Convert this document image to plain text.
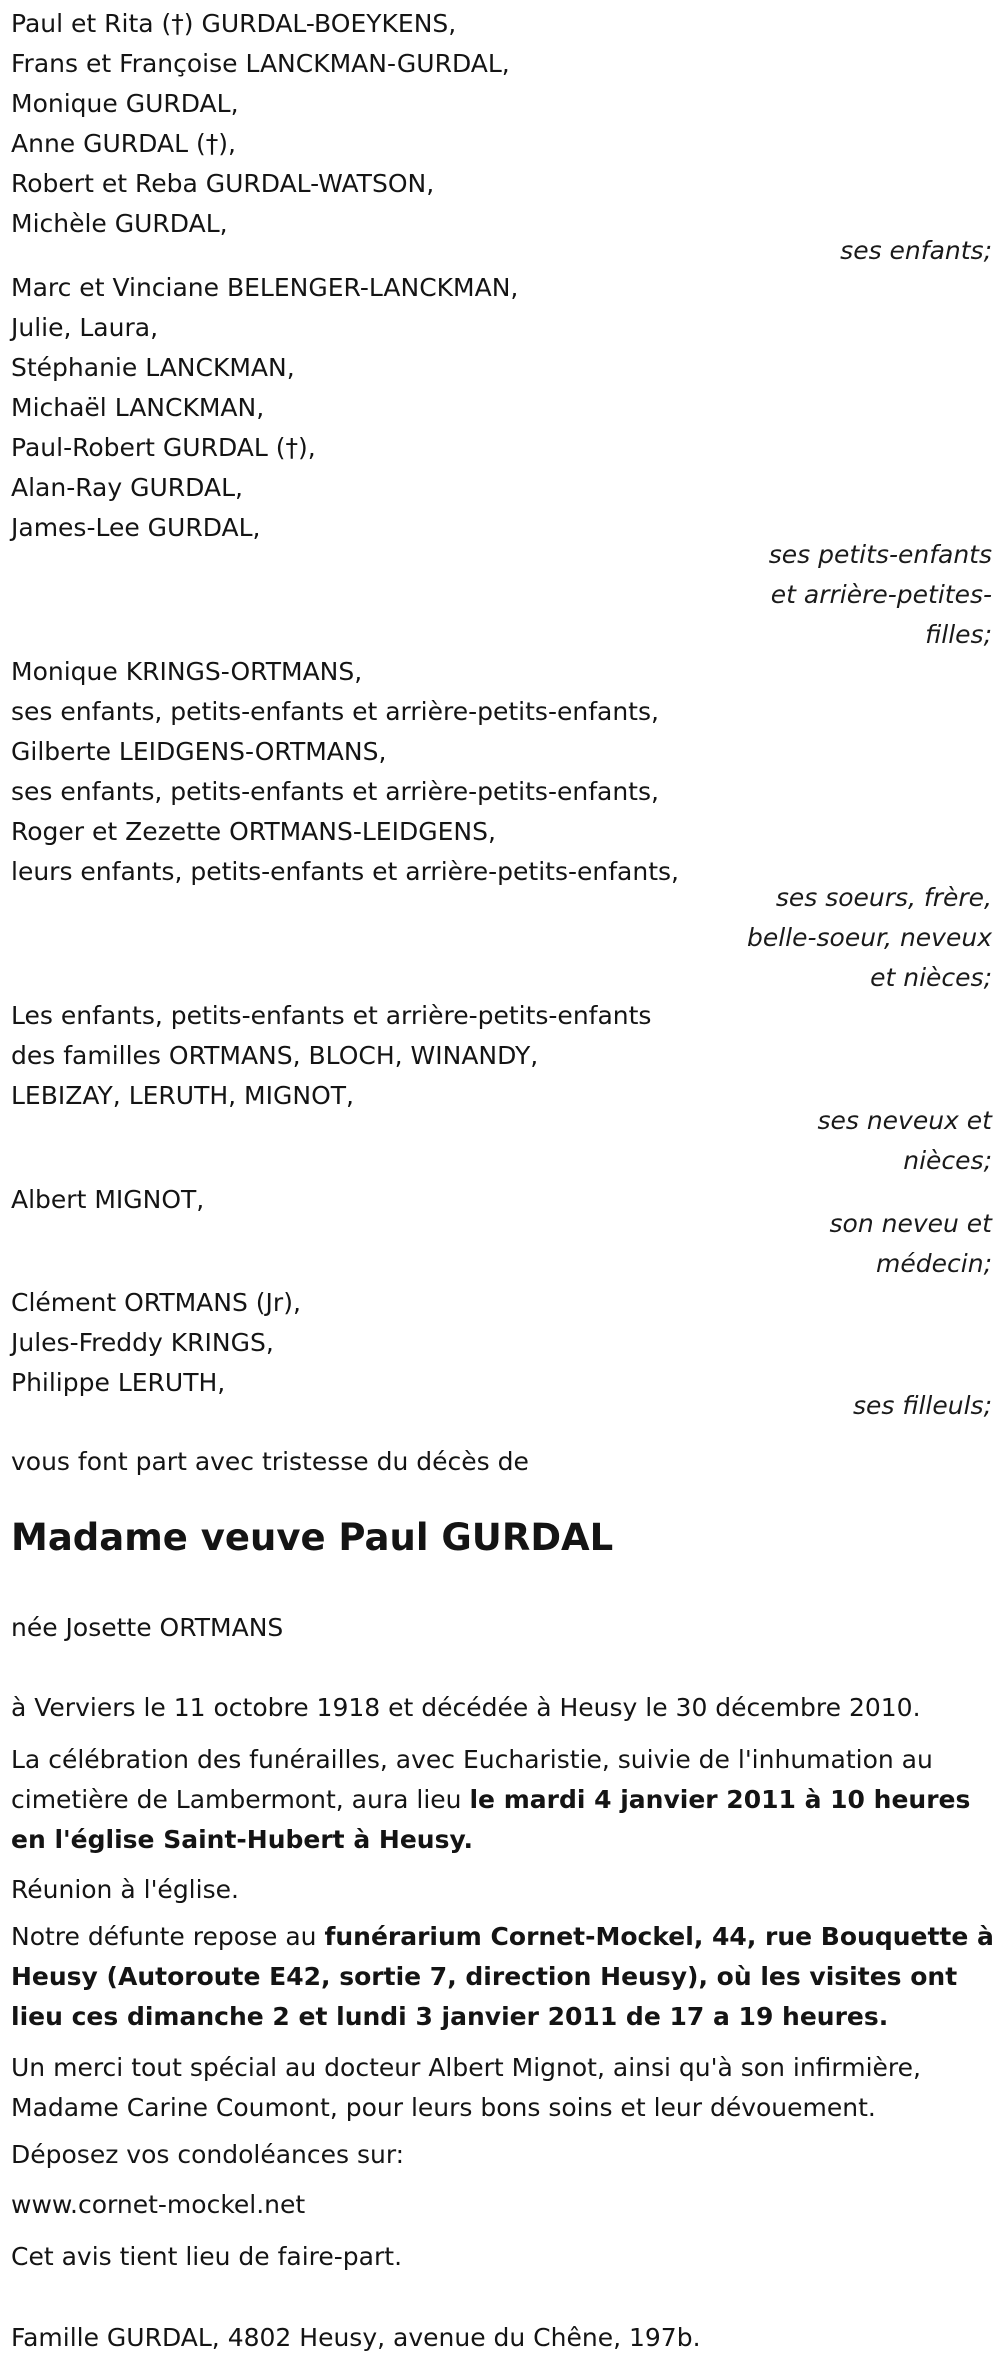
Paul et Rita (†) GURDAL-BOEYKENS,
Frans et Françoise LANCKMAN-GURDAL,
Monique GURDAL,
Anne GURDAL (†),
Robert et Reba GURDAL-WATSON,
Michèle GURDAL,
ses enfants;
Marc et Vinciane BELENGER-LANCKMAN,
Julie, Laura,
Stéphanie LANCKMAN,
Michaël LANCKMAN,
Paul-Robert GURDAL (†),
Alan-Ray GURDAL,
James-Lee GURDAL,
ses petits-enfants
et arrière-petites-
filles;
Monique KRINGS-ORTMANS,
ses enfants, petits-enfants et arrière-petits-enfants,
Gilberte LEIDGENS-ORTMANS,
ses enfants, petits-enfants et arrière-petits-enfants,
Roger et Zezette ORTMANS-LEIDGENS,
leurs enfants, petits-enfants et arrière-petits-enfants,
ses soeurs, frère,
belle-soeur, neveux
et nièces;
Les enfants, petits-enfants et arrière-petits-enfants
des familles ORTMANS, BLOCH, WINANDY,
LEBIZAY, LERUTH, MIGNOT,
ses neveux et
nièces;
Albert MIGNOT,
son neveu et
médecin;
Clément ORTMANS (Jr),
Jules-Freddy KRINGS,
Philippe LERUTH,
ses filleuls;
vous font part avec tristesse du décès de
Madame veuve Paul GURDAL
née Josette ORTMANS
à Verviers le 11 octobre 1918 et décédée à Heusy le 30 décembre 2010.
La célébration des funérailles, avec Eucharistie, suivie de l'inhumation au cimetière de Lambermont, aura lieu le mardi 4 janvier 2011 à 10 heures en l'église Saint-Hubert à Heusy.
Réunion à l'église.
Notre défunte repose au funérarium Cornet-Mockel, 44, rue Bouquette à Heusy (Autoroute E42, sortie 7, direction Heusy), où les visites ont lieu ces dimanche 2 et lundi 3 janvier 2011 de 17 a 19 heures.
Un merci tout spécial au docteur Albert Mignot, ainsi qu'à son infirmière, Madame Carine Coumont, pour leurs bons soins et leur dévouement.
Déposez vos condoléances sur:
www.cornet-mockel.net
Cet avis tient lieu de faire-part.
Famille GURDAL, 4802 Heusy, avenue du Chêne, 197b.
